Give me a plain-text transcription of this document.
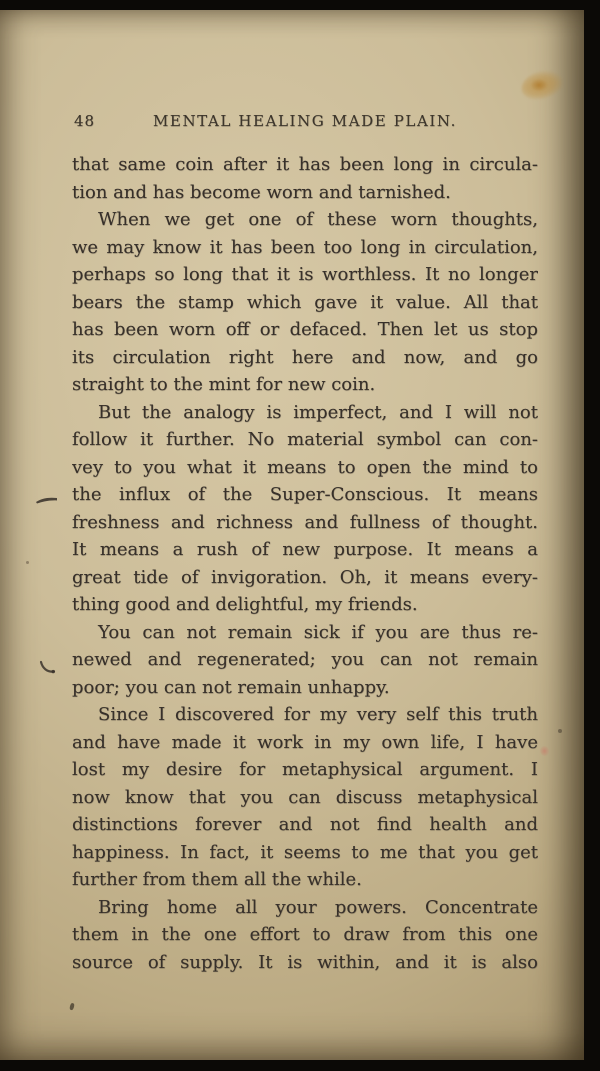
48	MENTAL HEALING MADE PLAIN.
that same coin after it has been long in circula-
tion and has become worn and tarnished.
When we get one of these worn thoughts,
we may know it has been too long in circulation,
perhaps so long that it is worthless. It no longer
bears the stamp which gave it value. All that
has been worn off or defaced. Then let us stop
its circulation right here and now, and go
straight to the mint for new coin.
But the analogy is imperfect, and I will not
follow it further. No material symbol can con-
vey to you what it means to open the mind to
the influx of the Super-Conscious. It means
freshness and richness and fullness of thought.
It means a rush of new purpose. It means a
great tide of invigoration. Oh, it means every-
thing good and delightful, my friends.
You can not remain sick if you are thus re-
newed and regenerated; you can not remain
poor; you can not remain unhappy.
Since I discovered for my very self this truth
and have made it work in my own life, I have
lost my desire for metaphysical argument. I
now know that you can discuss metaphysical
distinctions forever and not find health and
happiness. In fact, it seems to me that you get
further from them all the while.
Bring home all your powers. Concentrate
them in the one effort to draw from this one
source of supply. It is within, and it is also
